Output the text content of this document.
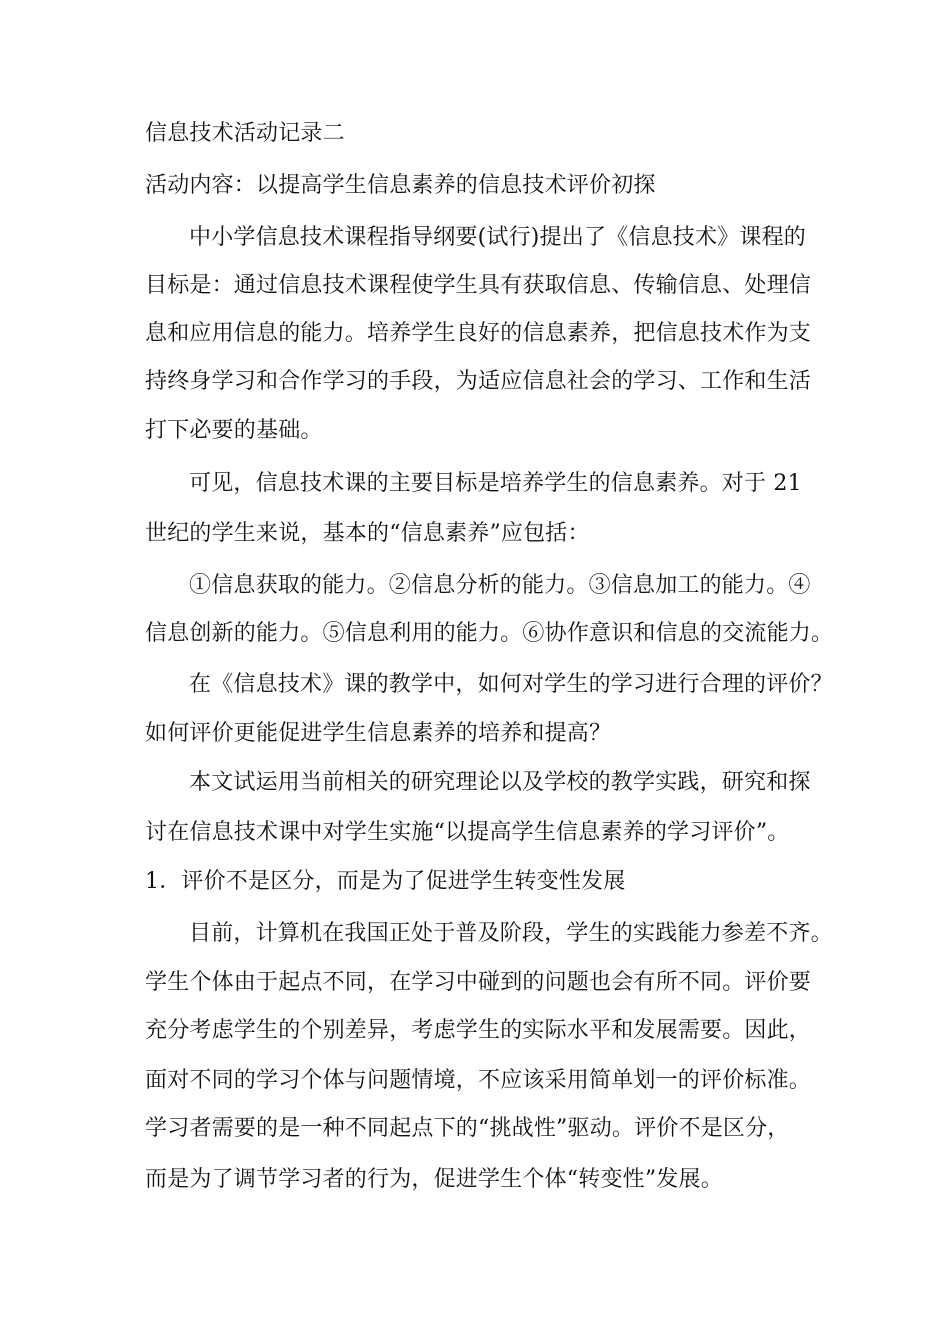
信息技术活动记录二
活动内容：以提高学生信息素养的信息技术评价初探
中小学信息技术课程指导纲要(试行)提出了《信息技术》课程的
目标是：通过信息技术课程使学生具有获取信息、传输信息、处理信
息和应用信息的能力。培养学生良好的信息素养，把信息技术作为支
持终身学习和合作学习的手段，为适应信息社会的学习、工作和生活
打下必要的基础。
可见，信息技术课的主要目标是培养学生的信息素养。对于 21
世纪的学生来说，基本的“信息素养”应包括：
①信息获取的能力。②信息分析的能力。③信息加工的能力。④
信息创新的能力。⑤信息利用的能力。⑥协作意识和信息的交流能力。
在《信息技术》课的教学中，如何对学生的学习进行合理的评价？
如何评价更能促进学生信息素养的培养和提高？
本文试运用当前相关的研究理论以及学校的教学实践，研究和探
讨在信息技术课中对学生实施“以提高学生信息素养的学习评价”。
1．评价不是区分，而是为了促进学生转变性发展
目前，计算机在我国正处于普及阶段，学生的实践能力参差不齐。
学生个体由于起点不同，在学习中碰到的问题也会有所不同。评价要
充分考虑学生的个别差异，考虑学生的实际水平和发展需要。因此，
面对不同的学习个体与问题情境，不应该采用简单划一的评价标准。
学习者需要的是一种不同起点下的“挑战性”驱动。评价不是区分，
而是为了调节学习者的行为，促进学生个体“转变性”发展。
